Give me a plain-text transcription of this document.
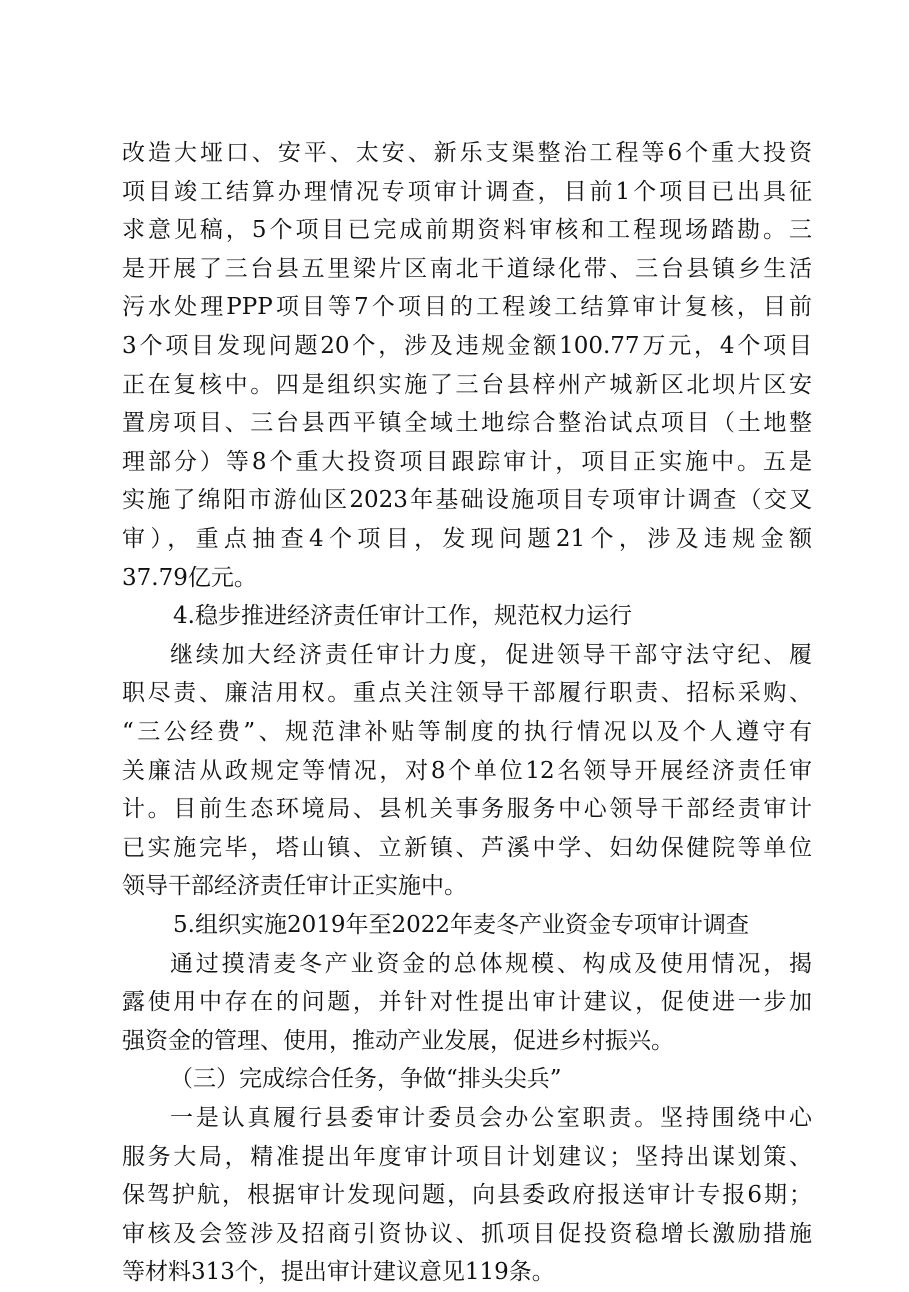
改造大垭口、安平、太安、新乐支渠整治工程等6个重大投资
项目竣工结算办理情况专项审计调查，目前1个项目已出具征
求意见稿，5个项目已完成前期资料审核和工程现场踏勘。三
是开展了三台县五里梁片区南北干道绿化带、三台县镇乡生活
污水处理PPP项目等7个项目的工程竣工结算审计复核，目前
3个项目发现问题20个，涉及违规金额100.77万元，4个项目
正在复核中。四是组织实施了三台县梓州产城新区北坝片区安
置房项目、三台县西平镇全域土地综合整治试点项目（土地整
理部分）等8个重大投资项目跟踪审计，项目正实施中。五是
实施了绵阳市游仙区2023年基础设施项目专项审计调查（交叉
审），重点抽查4个项目，发现问题21个，涉及违规金额
37.79亿元。
4.稳步推进经济责任审计工作，规范权力运行
继续加大经济责任审计力度，促进领导干部守法守纪、履
职尽责、廉洁用权。重点关注领导干部履行职责、招标采购、
“三公经费”、规范津补贴等制度的执行情况以及个人遵守有
关廉洁从政规定等情况，对8个单位12名领导开展经济责任审
计。目前生态环境局、县机关事务服务中心领导干部经责审计
已实施完毕，塔山镇、立新镇、芦溪中学、妇幼保健院等单位
领导干部经济责任审计正实施中。
5.组织实施2019年至2022年麦冬产业资金专项审计调查
通过摸清麦冬产业资金的总体规模、构成及使用情况，揭
露使用中存在的问题，并针对性提出审计建议，促使进一步加
强资金的管理、使用，推动产业发展，促进乡村振兴。
（三）完成综合任务，争做“排头尖兵”
一是认真履行县委审计委员会办公室职责。坚持围绕中心
服务大局，精准提出年度审计项目计划建议；坚持出谋划策、
保驾护航，根据审计发现问题，向县委政府报送审计专报6期；
审核及会签涉及招商引资协议、抓项目促投资稳增长激励措施
等材料313个，提出审计建议意见119条。
